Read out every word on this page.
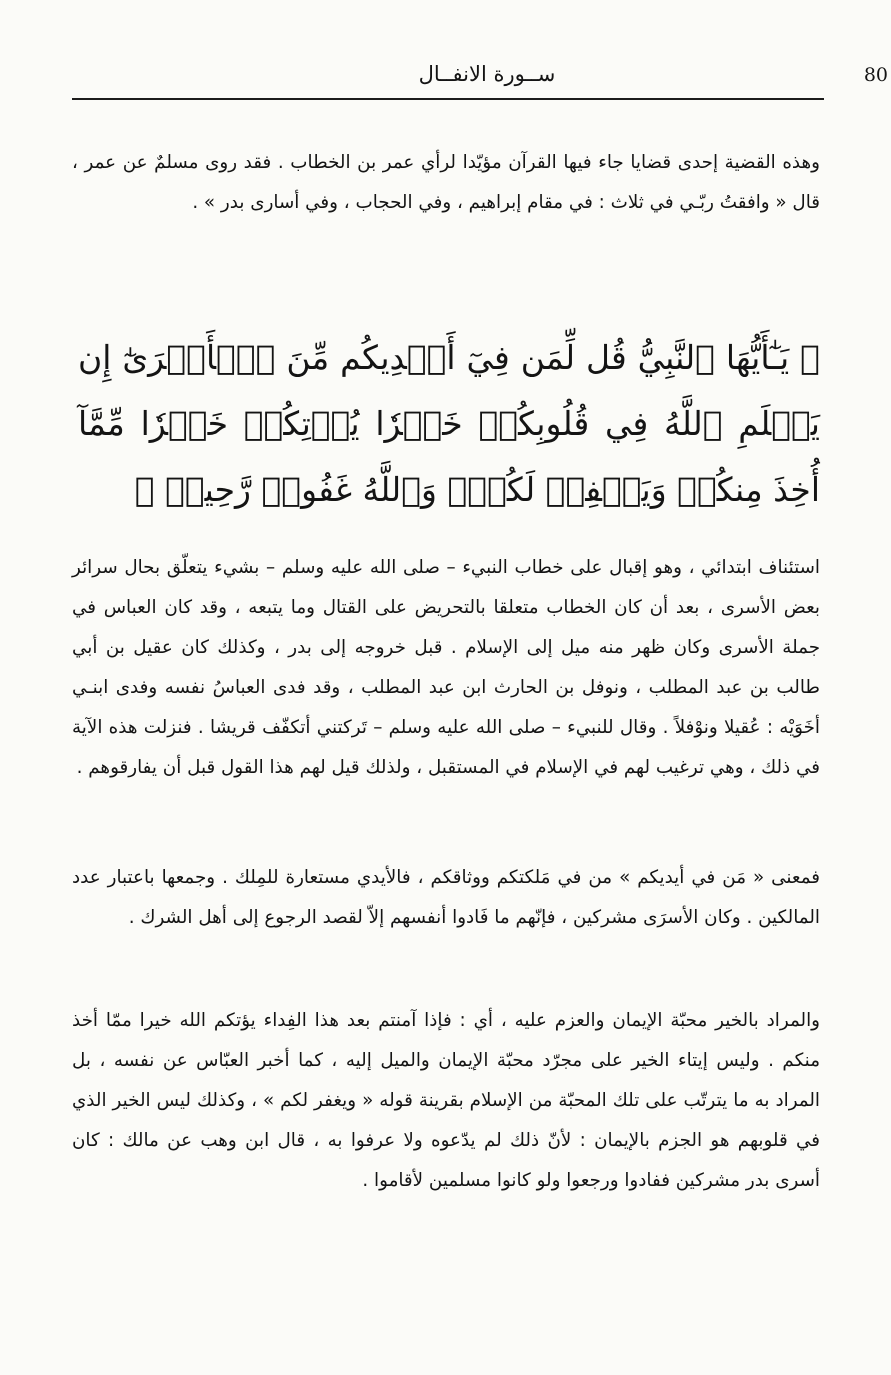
80
ســورة الانفــال

وهذه القضية إحدى قضايا جاء فيها القرآن مؤيّدا لرأي عمر بن الخطاب . فقد روى مسلمٌ عن عمر ، قال « وافقتُ ربّـي في ثلاث : في مقام إبراهيم ، وفي الحجاب ، وفي أسارى بدر » .

﴿ يَـٰٓأَيُّهَا ٱلنَّبِيُّ قُل لِّمَن فِيٓ أَيۡدِيكُم مِّنَ ٱلۡأَسۡرَىٰٓ إِن يَعۡلَمِ ٱللَّهُ فِي قُلُوبِكُمۡ خَيۡرٗا يُؤۡتِكُمۡ خَيۡرٗا مِّمَّآ أُخِذَ مِنكُمۡ وَيَغۡفِرۡ لَكُمۡۚ وَٱللَّهُ غَفُورٞ رَّحِيمٞ ﴾

استئناف ابتدائي ، وهو إقبال على خطاب النبيء – صلى الله عليه وسلم – بشيء يتعلّق بحال سرائر بعض الأسرى ، بعد أن كان الخطاب متعلقا بالتحريض على القتال وما يتبعه ، وقد كان العباس في جملة الأسرى وكان ظهر منه ميل إلى الإسلام . قبل خروجه إلى بدر ، وكذلك كان عقيل بن أبي طالب بن عبد المطلب ، ونوفل بن الحارث ابن عبد المطلب ، وقد فدى العباسُ نفسه وفدى ابنـي أخَوَيْه : عُقيلا ونوْفلاً . وقال للنبيء – صلى الله عليه وسلم – تَركتني أتكفّف قريشا . فنزلت هذه الآية في ذلك ، وهي ترغيب لهم في الإسلام في المستقبل ، ولذلك قيل لهم هذا القول قبل أن يفارقوهم .

فمعنى « مَن في أيديكم » من في مَلكتكم ووثاقكم ، فالأيدي مستعارة للمِلك . وجمعها باعتبار عدد المالكين . وكان الأسرَى مشركين ، فإنّهم ما فَادوا أنفسهم إلاّ لقصد الرجوع إلى أهل الشرك .

والمراد بالخير محبّة الإيمان والعزم عليه ، أي : فإذا آمنتم بعد هذا الفِداء يؤتكم الله خيرا ممّا أخذ منكم . وليس إيتاء الخير على مجرّد محبّة الإيمان والميل إليه ، كما أخبر العبّاس عن نفسه ، بل المراد به ما يترتّب على تلك المحبّة من الإسلام بقرينة قوله « ويغفر لكم » ، وكذلك ليس الخير الذي في قلوبهم هو الجزم بالإيمان : لأنّ ذلك لم يدّعوه ولا عرفوا به ، قال ابن وهب عن مالك : كان أسرى بدر مشركين ففادوا ورجعوا ولو كانوا مسلمين لأقاموا .
